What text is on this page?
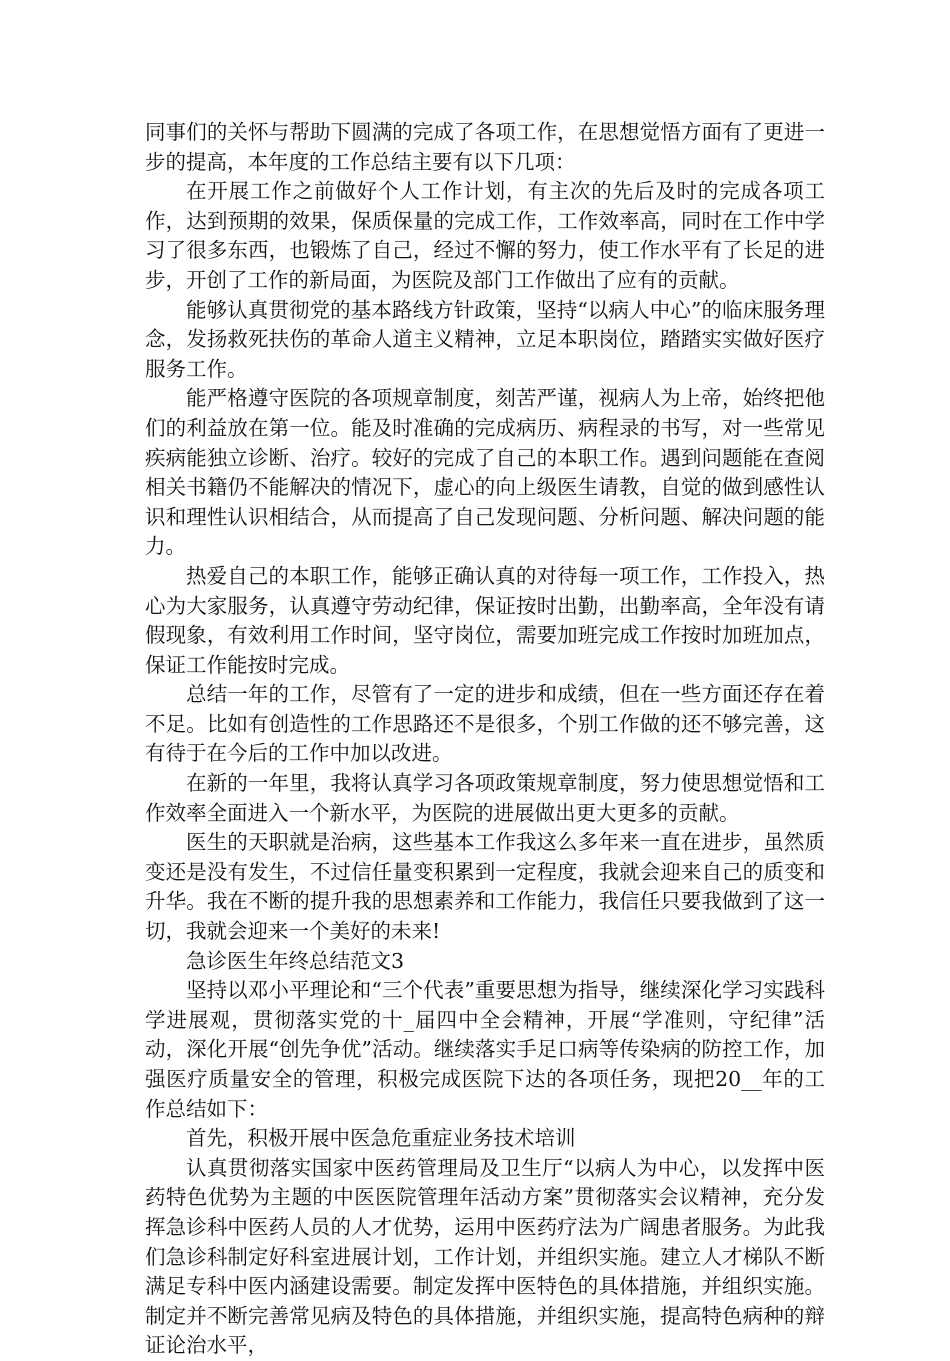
同事们的关怀与帮助下圆满的完成了各项工作，在思想觉悟方面有了更进一步的提高，本年度的工作总结主要有以下几项：

在开展工作之前做好个人工作计划，有主次的先后及时的完成各项工作，达到预期的效果，保质保量的完成工作，工作效率高，同时在工作中学习了很多东西，也锻炼了自己，经过不懈的努力，使工作水平有了长足的进步，开创了工作的新局面，为医院及部门工作做出了应有的贡献。

能够认真贯彻党的基本路线方针政策，坚持“以病人中心”的临床服务理念，发扬救死扶伤的革命人道主义精神，立足本职岗位，踏踏实实做好医疗服务工作。

能严格遵守医院的各项规章制度，刻苦严谨，视病人为上帝，始终把他们的利益放在第一位。能及时准确的完成病历、病程录的书写，对一些常见疾病能独立诊断、治疗。较好的完成了自己的本职工作。遇到问题能在查阅相关书籍仍不能解决的情况下，虚心的向上级医生请教，自觉的做到感性认识和理性认识相结合，从而提高了自己发现问题、分析问题、解决问题的能力。

热爱自己的本职工作，能够正确认真的对待每一项工作，工作投入，热心为大家服务，认真遵守劳动纪律，保证按时出勤，出勤率高，全年没有请假现象，有效利用工作时间，坚守岗位，需要加班完成工作按时加班加点，保证工作能按时完成。

总结一年的工作，尽管有了一定的进步和成绩，但在一些方面还存在着不足。比如有创造性的工作思路还不是很多，个别工作做的还不够完善，这有待于在今后的工作中加以改进。

在新的一年里，我将认真学习各项政策规章制度，努力使思想觉悟和工作效率全面进入一个新水平，为医院的进展做出更大更多的贡献。

医生的天职就是治病，这些基本工作我这么多年来一直在进步，虽然质变还是没有发生，不过信任量变积累到一定程度，我就会迎来自己的质变和升华。我在不断的提升我的思想素养和工作能力，我信任只要我做到了这一切，我就会迎来一个美好的未来!

急诊医生年终总结范文3

坚持以邓小平理论和“三个代表”重要思想为指导，继续深化学习实践科学进展观，贯彻落实党的十_届四中全会精神，开展“学准则，守纪律”活动，深化开展“创先争优”活动。继续落实手足口病等传染病的防控工作，加强医疗质量安全的管理，积极完成医院下达的各项任务，现把20__年的工作总结如下：

首先，积极开展中医急危重症业务技术培训

认真贯彻落实国家中医药管理局及卫生厅“以病人为中心，以发挥中医药特色优势为主题的中医医院管理年活动方案”贯彻落实会议精神，充分发挥急诊科中医药人员的人才优势，运用中医药疗法为广阔患者服务。为此我们急诊科制定好科室进展计划，工作计划，并组织实施。建立人才梯队不断满足专科中医内涵建设需要。制定发挥中医特色的具体措施，并组织实施。制定并不断完善常见病及特色的具体措施，并组织实施，提高特色病种的辩证论治水平，
